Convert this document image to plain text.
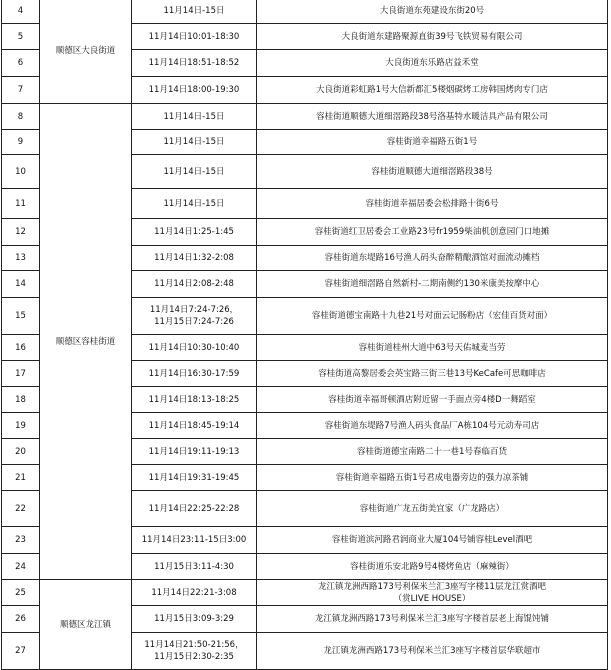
4	顺德区大良街道	11月14日-15日	大良街道东苑建设东街20号
5		11月14日10:01-18:30	大良街道东建路聚源直街39号飞铁贸易有限公司
6		11月14日18:51-18:52	大良街道东乐路店益禾堂
7		11月14日18:00-19:30	大良街道彩虹路1号大信新都汇5楼烟碳烤工房韩国烤肉专门店
8	顺德区容桂街道	11月14日-15日	容桂街道顺德大道细滘路段38号洛基特水暖洁具产品有限公司
9		11月14日-15日	容桂街道幸福路五街1号
10		11月14日-15日	容桂街道顺德大道细滘路段38号
11		11月14日-15日	容桂街道幸福居委会松排路十街6号
12		11月14日1:25-1:45	容桂街道红卫居委会工业路23号fr1959柴油机创意园门口地摊
13		11月14日1:32-2:08	容桂街道东堤路16号渔人码头奋醉精酿酒馆对面流动摊档
14		11月14日2:08-2:48	容桂街道细滘路自然新村-二期南侧约130米康美按摩中心
15		11月14日7:24-7:26，
11月15日7:24-7:26	容桂街道德宝南路十九巷21号对面云记肠粉店（宏佳百货对面）
16		11月14日10:30-10:40	容桂街道桂州大道中63号天佑城麦当劳
17		11月14日16:30-17:59	容桂街道高黎居委会英宝路三街三巷13号KeCafe可思咖啡店
18		11月14日18:13-18:25	容桂街道幸福哥顿酒店附近留一手面点旁4楼D一舞蹈室
19		11月14日18:45-19:14	容桂街道东堤路7号渔人码头食品厂A栋104号元动寿司店
20		11月14日19:11-19:13	容桂街道德宝南路二十一巷1号春临百货
21		11月14日19:31-19:45	容桂街道幸福路五街1号君成电器旁边的强力凉茶铺
22		11月14日22:25-22:28	容桂街道广龙五街美宜家（广龙路店）
23		11月14日23:11-15日3:00	容桂街道滨河路君润商业大厦104号铺容桂Level酒吧
24		11月15日3:11-4:30	容桂街道乐安北路9号4楼烤鱼店（麻辣街）
25	顺德区龙江镇	11月14日22:21-3:08	龙江镇龙洲西路173号利保米兰汇3座写字楼11层龙江赏酒吧
（赏LIVE HOUSE）
26		11月15日3:09-3:29	龙江镇龙洲西路173号利保米兰汇3座写字楼首层老上海馄饨铺
27		11月14日21:50-21:56，
11月15日2:30-2:35	龙江镇龙洲西路173号利保米兰汇3座写字楼首层华联超市
